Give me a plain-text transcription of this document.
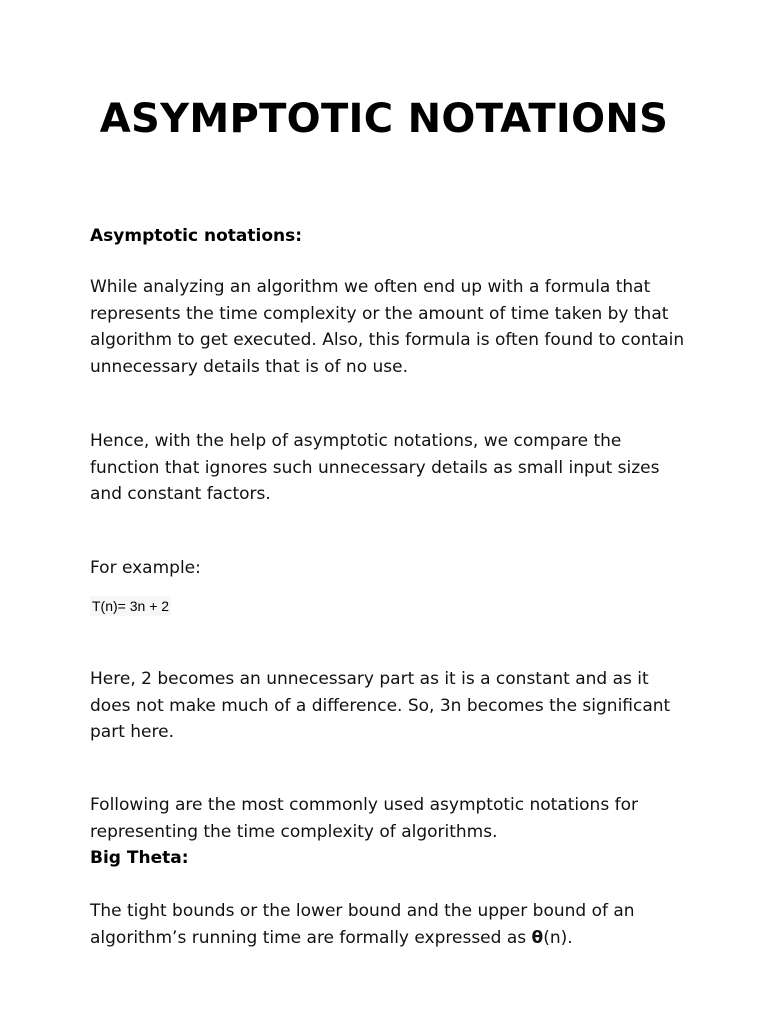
ASYMPTOTIC NOTATIONS

Asymptotic notations:

While analyzing an algorithm we often end up with a formula that represents the time complexity or the amount of time taken by that algorithm to get executed. Also, this formula is often found to contain unnecessary details that is of no use.

Hence, with the help of asymptotic notations, we compare the function that ignores such unnecessary details as small input sizes and constant factors.

For example:

T(n)= 3n + 2

Here, 2 becomes an unnecessary part as it is a constant and as it does not make much of a difference. So, 3n becomes the significant part here.

Following are the most commonly used asymptotic notations for representing the time complexity of algorithms.

Big Theta:

The tight bounds or the lower bound and the upper bound of an algorithm’s running time are formally expressed as θ(n).
